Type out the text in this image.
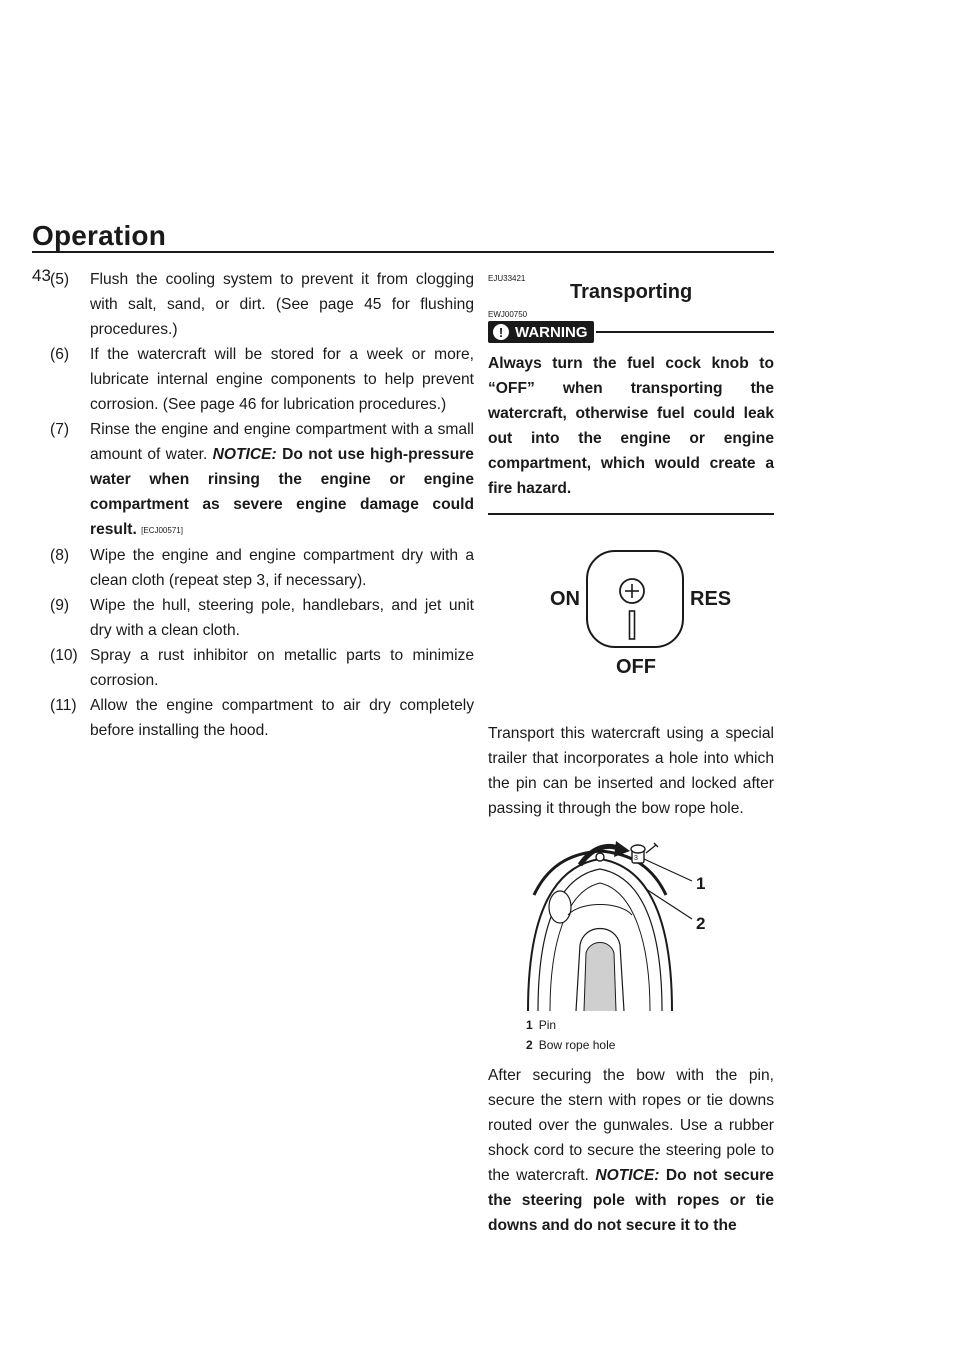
Operation
43 (5) Flush the cooling system to prevent it from clogging with salt, sand, or dirt. (See page 45 for flushing procedures.)

(6) If the watercraft will be stored for a week or more, lubricate internal engine components to help prevent corrosion. (See page 46 for lubrication procedures.)

(7) Rinse the engine and engine compartment with a small amount of water. NOTICE: Do not use high-pressure water when rinsing the engine or engine compartment as severe engine damage could result. [ECJ00571]

(8) Wipe the engine and engine compartment dry with a clean cloth (repeat step 3, if necessary).

(9) Wipe the hull, steering pole, handlebars, and jet unit dry with a clean cloth.

(10) Spray a rust inhibitor on metallic parts to minimize corrosion.

(11) Allow the engine compartment to air dry completely before installing the hood.

EJU33421
Transporting
EWJ00750
! WARNING

Always turn the fuel cock knob to “OFF” when transporting the watercraft, otherwise fuel could leak out into the engine or engine compartment, which would create a fire hazard.

ON	RES
OFF

Transport this watercraft using a special trailer that incorporates a hole into which the pin can be inserted and locked after passing it through the bow rope hole.

1
2
3
1 Pin
2 Bow rope hole

After securing the bow with the pin, secure the stern with ropes or tie downs routed over the gunwales. Use a rubber shock cord to secure the steering pole to the watercraft. NOTICE: Do not secure the steering pole with ropes or tie downs and do not secure it to the
